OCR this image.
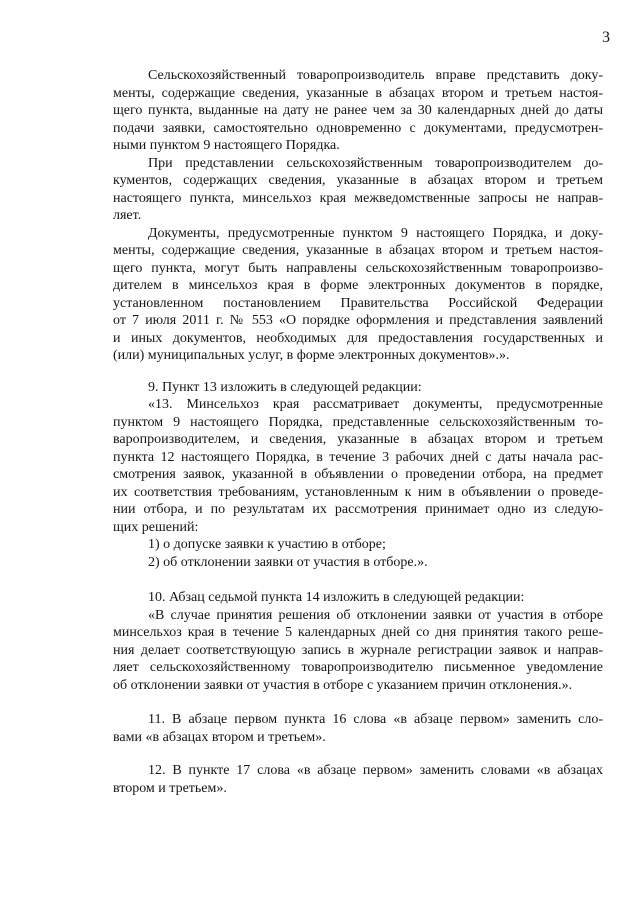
3
Сельскохозяйственный товаропроизводитель вправе представить доку-
менты, содержащие сведения, указанные в абзацах втором и третьем настоя-
щего пункта, выданные на дату не ранее чем за 30 календарных дней до даты
подачи заявки, самостоятельно одновременно с документами, предусмотрен-
ными пунктом 9 настоящего Порядка.
При представлении сельскохозяйственным товаропроизводителем до-
кументов, содержащих сведения, указанные в абзацах втором и третьем
настоящего пункта, минсельхоз края межведомственные запросы не направ-
ляет.
Документы, предусмотренные пунктом 9 настоящего Порядка, и доку-
менты, содержащие сведения, указанные в абзацах втором и третьем настоя-
щего пункта, могут быть направлены сельскохозяйственным товаропроизво-
дителем в минсельхоз края в форме электронных документов в порядке,
установленном постановлением Правительства Российской Федерации
от 7 июля 2011 г. № 553 «О порядке оформления и представления заявлений
и иных документов, необходимых для предоставления государственных и
(или) муниципальных услуг, в форме электронных документов».».
9. Пункт 13 изложить в следующей редакции:
«13. Минсельхоз края рассматривает документы, предусмотренные
пунктом 9 настоящего Порядка, представленные сельскохозяйственным то-
варопроизводителем, и сведения, указанные в абзацах втором и третьем
пункта 12 настоящего Порядка, в течение 3 рабочих дней с даты начала рас-
смотрения заявок, указанной в объявлении о проведении отбора, на предмет
их соответствия требованиям, установленным к ним в объявлении о проведе-
нии отбора, и по результатам их рассмотрения принимает одно из следую-
щих решений:
1) о допуске заявки к участию в отборе;
2) об отклонении заявки от участия в отборе.».
10. Абзац седьмой пункта 14 изложить в следующей редакции:
«В случае принятия решения об отклонении заявки от участия в отборе
минсельхоз края в течение 5 календарных дней со дня принятия такого реше-
ния делает соответствующую запись в журнале регистрации заявок и направ-
ляет сельскохозяйственному товаропроизводителю письменное уведомление
об отклонении заявки от участия в отборе с указанием причин отклонения.».
11. В абзаце первом пункта 16 слова «в абзаце первом» заменить сло-
вами «в абзацах втором и третьем».
12. В пункте 17 слова «в абзаце первом» заменить словами «в абзацах
втором и третьем».
